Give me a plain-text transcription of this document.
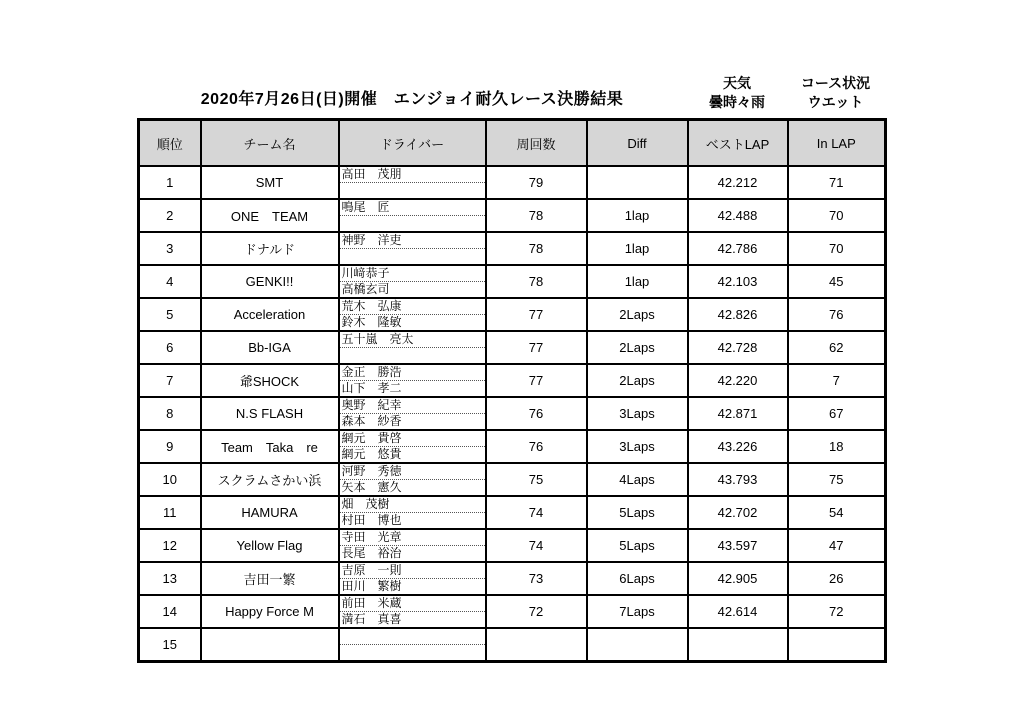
2020年7月26日(日)開催　エンジョイ耐久レース決勝結果
天気
曇時々雨
コース状況
ウエット
順位	チーム名	ドライバー	周回数	Diff	ベストLAP	In LAP
1	SMT	高田　茂朋	79		42.212	71
2	ONE　TEAM	鳴尾　匠	78	1lap	42.488	70
3	ドナルド	神野　洋吏	78	1lap	42.786	70
4	GENKI!!	川﨑恭子
高橋玄司	78	1lap	42.103	45
5	Acceleration	荒木　弘康
鈴木　隆敏	77	2Laps	42.826	76
6	Bb-IGA	五十嵐　亮太	77	2Laps	42.728	62
7	爺SHOCK	金正　勝浩
山下　孝二	77	2Laps	42.220	7
8	N.S FLASH	奥野　紀幸
森本　紗香	76	3Laps	42.871	67
9	Team　Taka　re	網元　貴啓
網元　悠貴	76	3Laps	43.226	18
10	スクラムさかい浜	河野　秀徳
矢本　憲久	75	4Laps	43.793	75
11	HAMURA	畑　茂樹
村田　博也	74	5Laps	42.702	54
12	Yellow Flag	寺田　光章
長尾　裕治	74	5Laps	43.597	47
13	吉田一繁	吉原　一則
田川　繁樹	73	6Laps	42.905	26
14	Happy Force M	前田　米蔵
満石　真喜	72	7Laps	42.614	72
15		
